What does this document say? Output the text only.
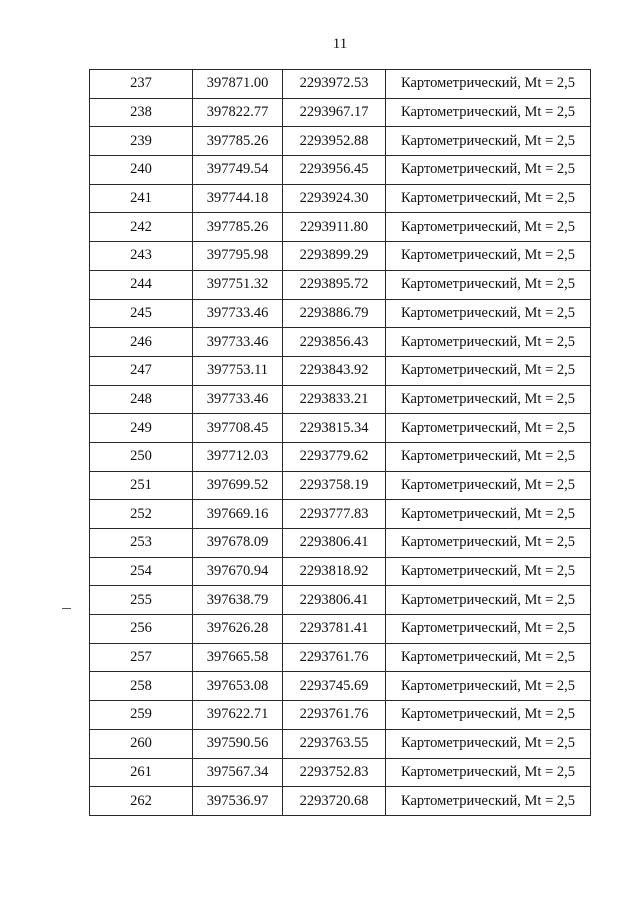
11
237	397871.00	2293972.53	Картометрический, Mt = 2,5
238	397822.77	2293967.17	Картометрический, Mt = 2,5
239	397785.26	2293952.88	Картометрический, Mt = 2,5
240	397749.54	2293956.45	Картометрический, Mt = 2,5
241	397744.18	2293924.30	Картометрический, Mt = 2,5
242	397785.26	2293911.80	Картометрический, Mt = 2,5
243	397795.98	2293899.29	Картометрический, Mt = 2,5
244	397751.32	2293895.72	Картометрический, Mt = 2,5
245	397733.46	2293886.79	Картометрический, Mt = 2,5
246	397733.46	2293856.43	Картометрический, Mt = 2,5
247	397753.11	2293843.92	Картометрический, Mt = 2,5
248	397733.46	2293833.21	Картометрический, Mt = 2,5
249	397708.45	2293815.34	Картометрический, Mt = 2,5
250	397712.03	2293779.62	Картометрический, Mt = 2,5
251	397699.52	2293758.19	Картометрический, Mt = 2,5
252	397669.16	2293777.83	Картометрический, Mt = 2,5
253	397678.09	2293806.41	Картометрический, Mt = 2,5
254	397670.94	2293818.92	Картометрический, Mt = 2,5
255	397638.79	2293806.41	Картометрический, Mt = 2,5
256	397626.28	2293781.41	Картометрический, Mt = 2,5
257	397665.58	2293761.76	Картометрический, Mt = 2,5
258	397653.08	2293745.69	Картометрический, Mt = 2,5
259	397622.71	2293761.76	Картометрический, Mt = 2,5
260	397590.56	2293763.55	Картометрический, Mt = 2,5
261	397567.34	2293752.83	Картометрический, Mt = 2,5
262	397536.97	2293720.68	Картометрический, Mt = 2,5
